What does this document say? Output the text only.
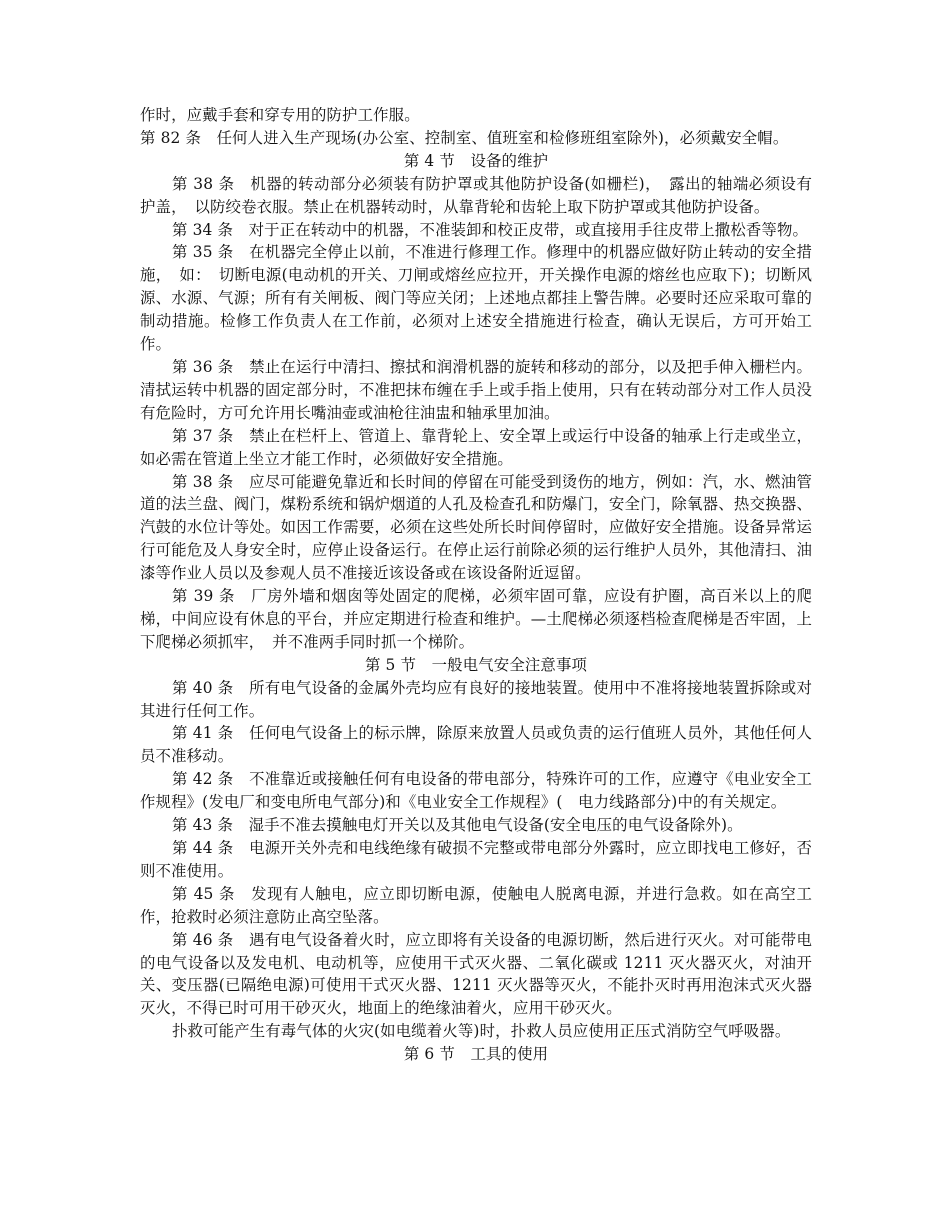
作时，应戴手套和穿专用的防护工作服。

第 82 条　任何人进入生产现场(办公室、控制室、值班室和检修班组室除外)，必须戴安全帽。

第 4 节　设备的维护

第 38 条　机器的转动部分必须装有防护罩或其他防护设备(如栅栏)，　露出的轴端必须设有护盖，　以防绞卷衣服。禁止在机器转动时，从靠背轮和齿轮上取下防护罩或其他防护设备。

第 34 条　对于正在转动中的机器，不准装卸和校正皮带，或直接用手往皮带上撒松香等物。

第 35 条　在机器完全停止以前，不准进行修理工作。修理中的机器应做好防止转动的安全措施，　如：　切断电源(电动机的开关、刀闸或熔丝应拉开，开关操作电源的熔丝也应取下)；切断风源、水源、气源；所有有关闸板、阀门等应关闭；上述地点都挂上警告牌。必要时还应采取可靠的制动措施。检修工作负责人在工作前，必须对上述安全措施进行检查，确认无误后，方可开始工作。

第 36 条　禁止在运行中清扫、擦拭和润滑机器的旋转和移动的部分，以及把手伸入栅栏内。清拭运转中机器的固定部分时，不准把抹布缠在手上或手指上使用，只有在转动部分对工作人员没有危险时，方可允许用长嘴油壶或油枪往油盅和轴承里加油。

第 37 条　禁止在栏杆上、管道上、靠背轮上、安全罩上或运行中设备的轴承上行走或坐立，如必需在管道上坐立才能工作时，必须做好安全措施。

第 38 条　应尽可能避免靠近和长时间的停留在可能受到烫伤的地方，例如：汽，水、燃油管道的法兰盘、阀门，煤粉系统和锅炉烟道的人孔及检查孔和防爆门，安全门，除氧器、热交换器、汽鼓的水位计等处。如因工作需要，必须在这些处所长时间停留时，应做好安全措施。设备异常运行可能危及人身安全时，应停止设备运行。在停止运行前除必须的运行维护人员外，其他清扫、油漆等作业人员以及参观人员不准接近该设备或在该设备附近逗留。

第 39 条　厂房外墙和烟囱等处固定的爬梯，必须牢固可靠，应设有护圈，高百米以上的爬梯，中间应设有休息的平台，并应定期进行检查和维护。—土爬梯必须逐档检查爬梯是否牢固，上下爬梯必须抓牢，　并不准两手同时抓一个梯阶。

第 5 节　一般电气安全注意事项

第 40 条　所有电气设备的金属外壳均应有良好的接地装置。使用中不准将接地装置拆除或对其进行任何工作。

第 41 条　任何电气设备上的标示牌，除原来放置人员或负责的运行值班人员外，其他任何人员不准移动。

第 42 条　不准靠近或接触任何有电设备的带电部分，特殊许可的工作，应遵守《电业安全工作规程》(发电厂和变电所电气部分)和《电业安全工作规程》(　电力线路部分)中的有关规定。

第 43 条　湿手不准去摸触电灯开关以及其他电气设备(安全电压的电气设备除外)。

第 44 条　电源开关外壳和电线绝缘有破损不完整或带电部分外露时，应立即找电工修好，否则不准使用。

第 45 条　发现有人触电，应立即切断电源，使触电人脱离电源，并进行急救。如在高空工作，抢救时必须注意防止高空坠落。

第 46 条　遇有电气设备着火时，应立即将有关设备的电源切断，然后进行灭火。对可能带电的电气设备以及发电机、电动机等，应使用干式灭火器、二氧化碳或 1211 灭火器灭火，对油开关、变压器(已隔绝电源)可使用干式灭火器、1211 灭火器等灭火，不能扑灭时再用泡沫式灭火器灭火，不得已时可用干砂灭火，地面上的绝缘油着火，应用干砂灭火。

扑救可能产生有毒气体的火灾(如电缆着火等)时，扑救人员应使用正压式消防空气呼吸器。

第 6 节　工具的使用
